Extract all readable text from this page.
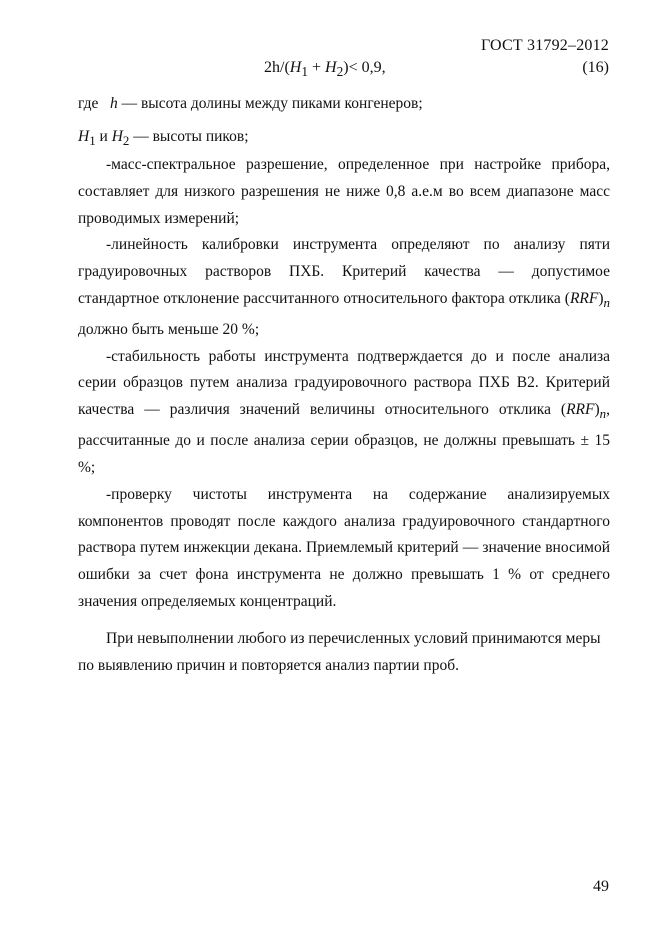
ГОСТ 31792–2012
$2h/(H_1 + H_2)< 0,9$,	(16)
где h — высота долины между пиками конгенеров;
$H_1$ и $H_2$ — высоты пиков;

-масс-спектральное разрешение, определенное при настройке прибора, составляет для низкого разрешения не ниже 0,8 а.е.м во всем диапазоне масс проводимых измерений;

-линейность калибровки инструмента определяют по анализу пяти градуировочных растворов ПХБ. Критерий качества — допустимое стандартное отклонение рассчитанного относительного фактора отклика $(RRF)_n$ должно быть меньше 20 %;

-стабильность работы инструмента подтверждается до и после анализа серии образцов путем анализа градуировочного раствора ПХБ В2. Критерий качества — различия значений величины относительного отклика $(RRF)_n$, рассчитанные до и после анализа серии образцов, не должны превышать ± 15 %;

-проверку чистоты инструмента на содержание анализируемых компонентов проводят после каждого анализа градуировочного стандартного раствора путем инжекции декана. Приемлемый критерий — значение вносимой ошибки за счет фона инструмента не должно превышать 1 % от среднего значения определяемых концентраций.

При невыполнении любого из перечисленных условий принимаются меры по выявлению причин и повторяется анализ партии проб.

49
